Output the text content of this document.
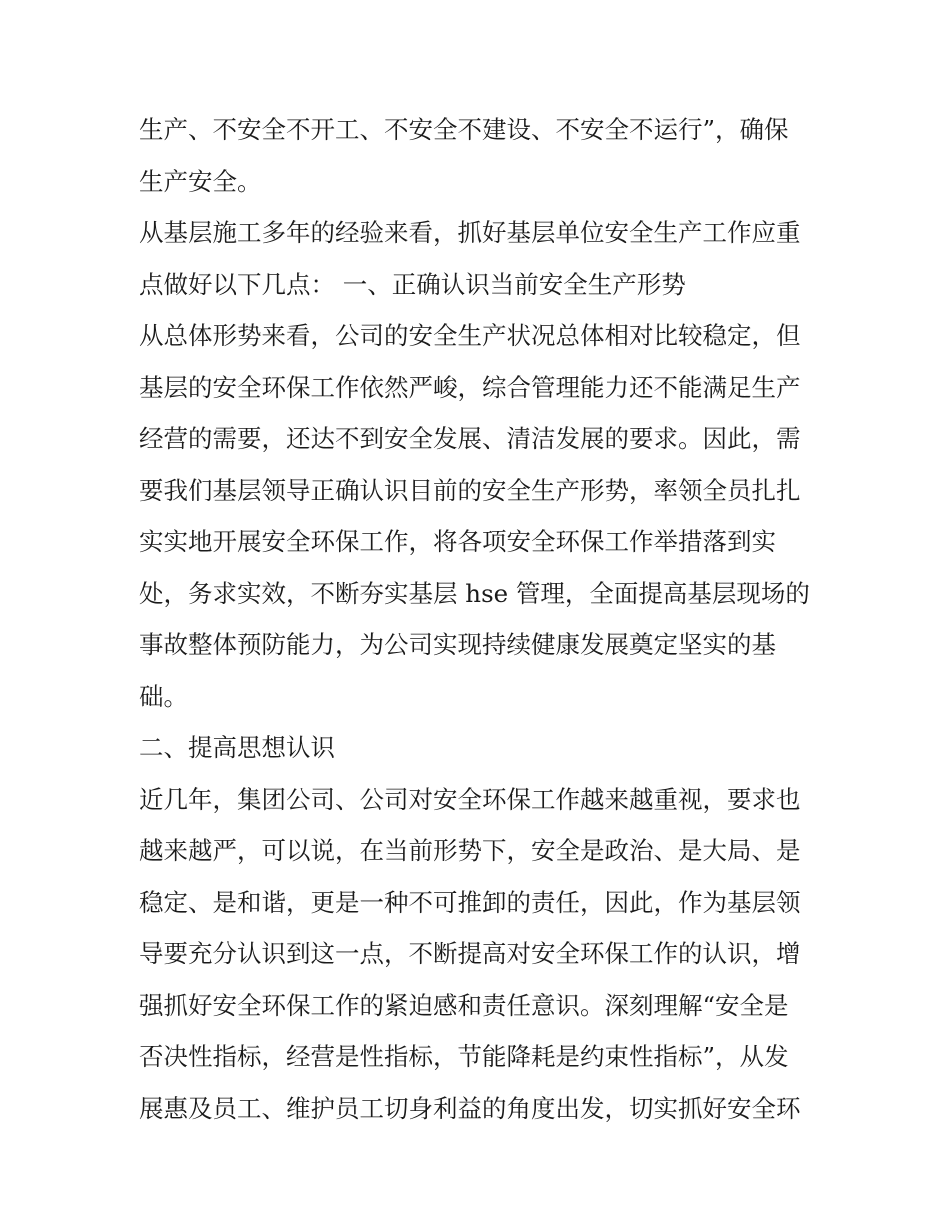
生产、不安全不开工、不安全不建设、不安全不运行”，确保
生产安全。
从基层施工多年的经验来看，抓好基层单位安全生产工作应重
点做好以下几点： 一、正确认识当前安全生产形势
从总体形势来看，公司的安全生产状况总体相对比较稳定，但
基层的安全环保工作依然严峻，综合管理能力还不能满足生产
经营的需要，还达不到安全发展、清洁发展的要求。因此，需
要我们基层领导正确认识目前的安全生产形势，率领全员扎扎
实实地开展安全环保工作，将各项安全环保工作举措落到实
处，务求实效，不断夯实基层 hse 管理，全面提高基层现场的
事故整体预防能力，为公司实现持续健康发展奠定坚实的基
础。
二、提高思想认识
近几年，集团公司、公司对安全环保工作越来越重视，要求也
越来越严，可以说，在当前形势下，安全是政治、是大局、是
稳定、是和谐，更是一种不可推卸的责任，因此，作为基层领
导要充分认识到这一点，不断提高对安全环保工作的认识，增
强抓好安全环保工作的紧迫感和责任意识。深刻理解“安全是
否决性指标，经营是性指标，节能降耗是约束性指标”，从发
展惠及员工、维护员工切身利益的角度出发，切实抓好安全环
